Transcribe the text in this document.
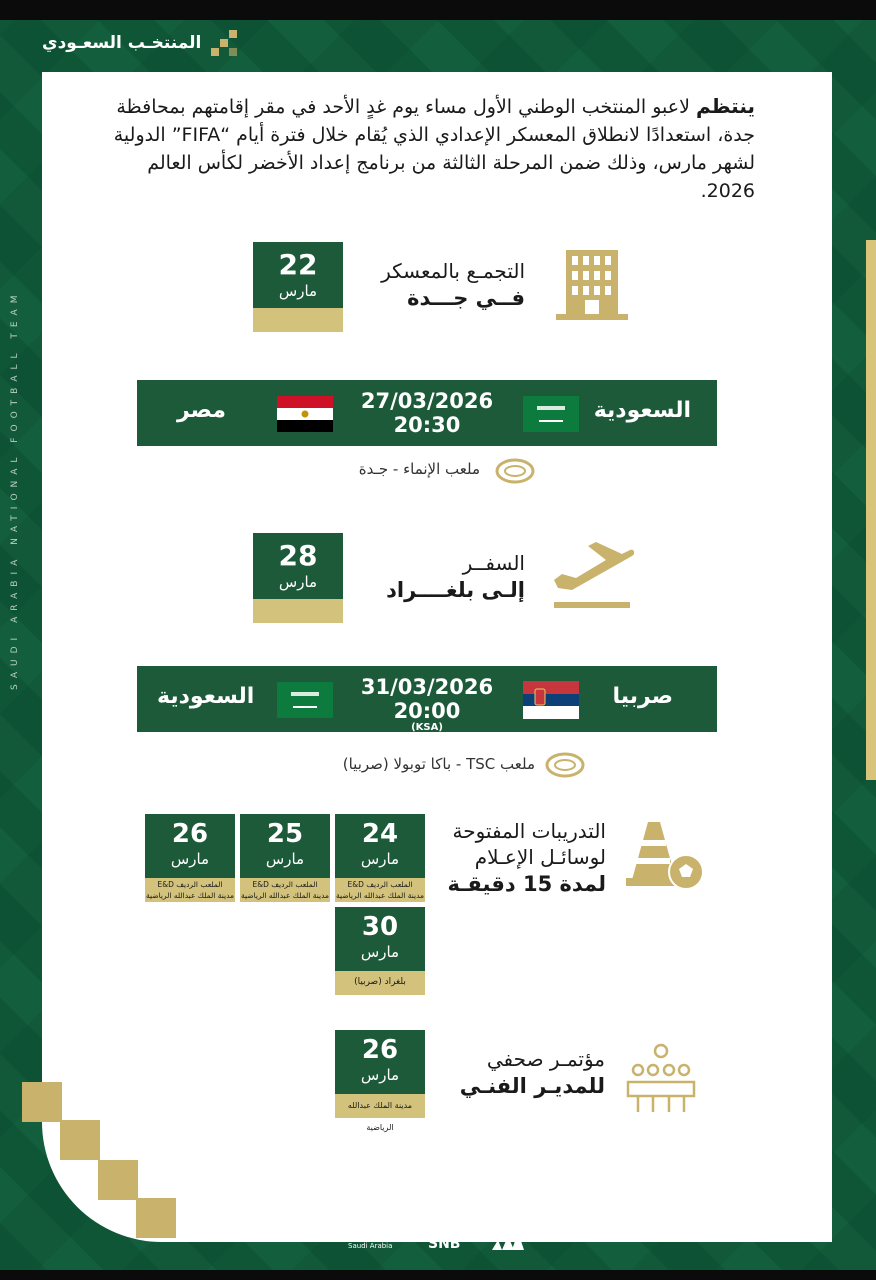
المنتخـب السعـودي
SAUDI ARABIA NATIONAL FOOTBALL TEAM

ينتظم لاعبو المنتخب الوطني الأول مساء يوم غدٍ الأحد في مقر إقامتهم بمحافظة جدة، استعدادًا لانطلاق المعسكر الإعدادي الذي يُقام خلال فترة أيام “FIFA” الدولية لشهر مارس، وذلك ضمن المرحلة الثالثة من برنامج إعداد الأخضر لكأس العالم 2026.

22
مارس
التجمـع بالمعسكر
فــي جـــدة
السعودية
27/03/2026
20:30
مصر
ملعب الإنماء - جـدة
28
مارس
السفــر
إلـى بلغــــراد
صربيا
31/03/2026
20:00
(KSA)
السعودية
ملعب TSC - باكا توبولا (صربيا)
26
مارس
الملعب الرديف E&D
مدينة الملك عبدالله الرياضية
25
مارس
الملعب الرديف E&D
مدينة الملك عبدالله الرياضية
24
مارس
الملعب الرديف E&D
مدينة الملك عبدالله الرياضية
30
مارس
بلغراد (صربيا)
التدريبات المفتوحة
لوسائـل الإعـلام
لمدة 15 دقيقـة
26
مارس
مدينة الملك عبدالله الرياضية
مؤتمـر صحفي
للمديـر الفنـي
Budget
Saudi Arabia	SNB
السعودية
SAFF
SAUDI
